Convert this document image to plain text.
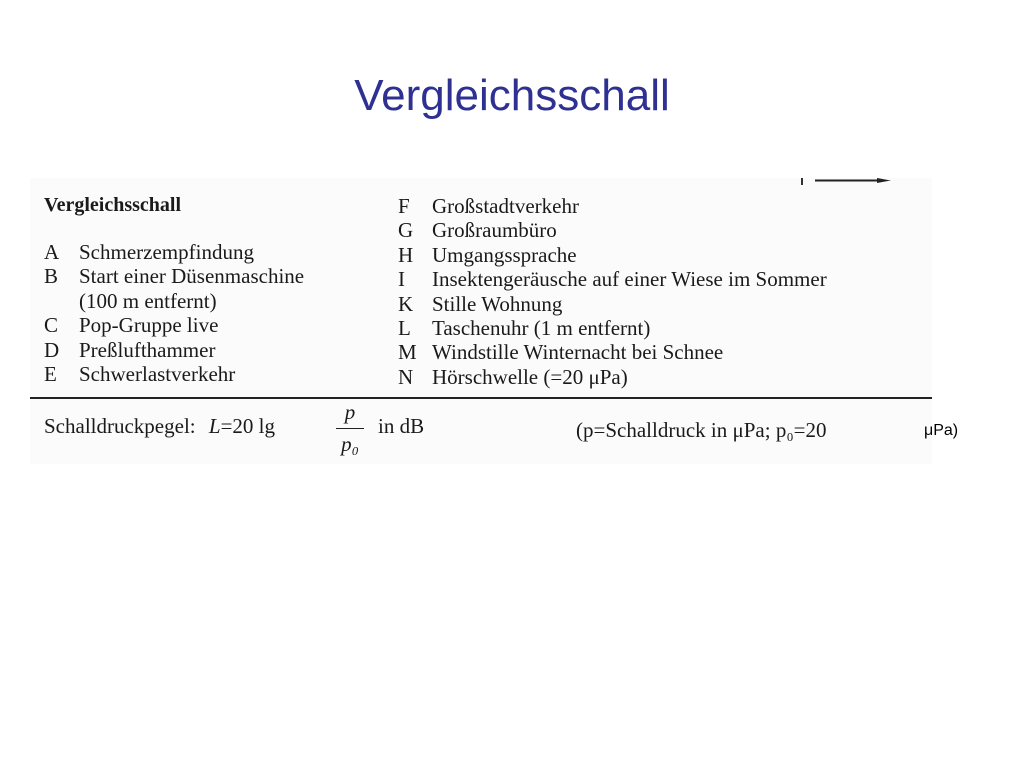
Vergleichsschall
Vergleichsschall
A Schmerzempfindung
B Start einer Düsenmaschine
(100 m entfernt)
C Pop-Gruppe live
D Preßlufthammer
E	Schwerlastverkehr
F	Großstadtverkehr
G Großraumbüro
H Umgangssprache
I	Insektengeräusche auf einer Wiese im Sommer
K Stille Wohnung
L	Taschenuhr (1 m entfernt)
M Windstille Winternacht bei Schnee
N Hörschwelle (=20 μPa)
Schalldruckpegel: L=20 lg
p
p₀
in dB	(p=Schalldruck in μPa; p₀=20	μPa)
